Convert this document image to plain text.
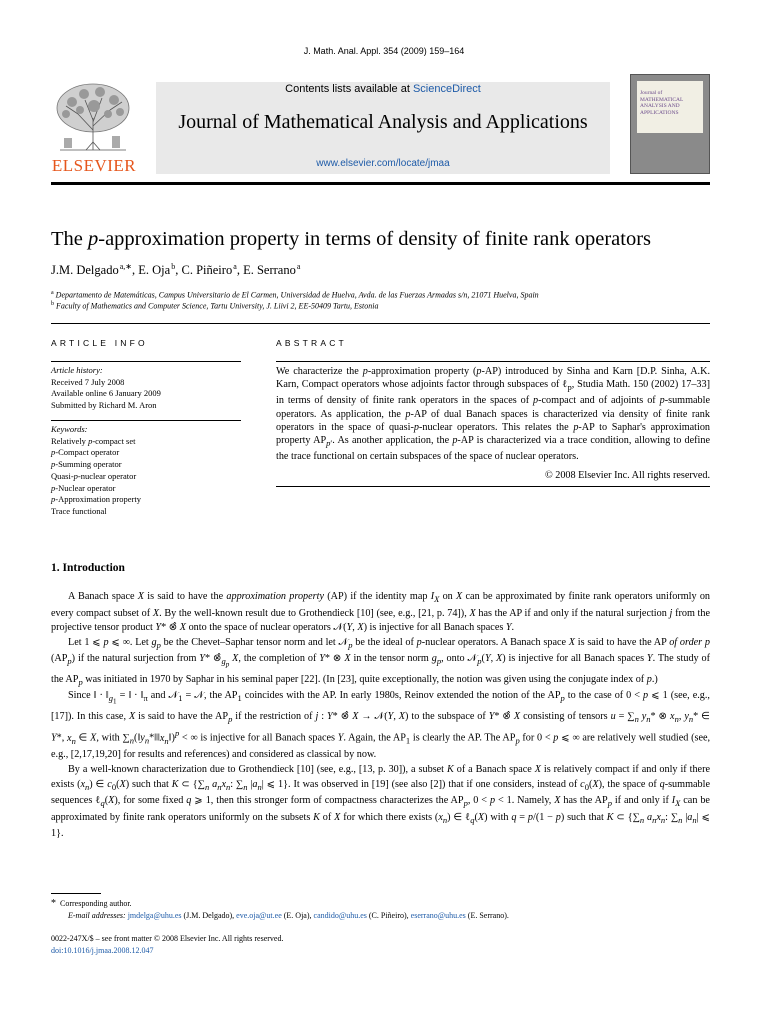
J. Math. Anal. Appl. 354 (2009) 159–164
ELSEVIER
Contents lists available at ScienceDirect
Journal of Mathematical Analysis and Applications
www.elsevier.com/locate/jmaa
Journal of MATHEMATICAL ANALYSIS AND APPLICATIONS
The p-approximation property in terms of density of finite rank operators
J.M. Delgado $^{a,∗}$, E. Oja $^b$, C. Piñeiro $^a$, E. Serrano $^a$
$^a$ Departamento de Matemáticas, Campus Universitario de El Carmen, Universidad de Huelva, Avda. de las Fuerzas Armadas s/n, 21071 Huelva, Spain
$^b$ Faculty of Mathematics and Computer Science, Tartu University, J. Liivi 2, EE-50409 Tartu, Estonia
ARTICLE INFO
Article history:
Received 7 July 2008
Available online 6 January 2009
Submitted by Richard M. Aron
Keywords:
Relatively p-compact set
p-Compact operator
p-Summing operator
Quasi-p-nuclear operator
p-Nuclear operator
p-Approximation property
Trace functional
ABSTRACT
We characterize the p-approximation property (p-AP) introduced by Sinha and Karn [D.P. Sinha, A.K. Karn, Compact operators whose adjoints factor through subspaces of ℓ$_p$, Studia Math. 150 (2002) 17–33] in terms of density of finite rank operators in the spaces of p-compact and of adjoints of p-summable operators. As application, the p-AP of dual Banach spaces is characterized via density of finite rank operators in the space of quasi-p-nuclear operators. This relates the p-AP to Saphar's approximation property $AP_{p'}$. As another application, the p-AP is characterized via a trace condition, allowing to define the trace functional on certain subspaces of the space of nuclear operators.
© 2008 Elsevier Inc. All rights reserved.
1. Introduction

A Banach space X is said to have the approximation property (AP) if the identity map $I_X$ on X can be approximated by finite rank operators uniformly on every compact subset of X. By the well-known result due to Grothendieck [10] (see, e.g., [21, p. 74]), X has the AP if and only if the natural surjection j from the projective tensor product Y* ⊗̂ X onto the space of nuclear operators 𝒩(Y, X) is injective for all Banach spaces Y.

Let 1 ⩽ p ⩽ ∞. Let $g_p$ be the Chevet–Saphar tensor norm and let 𝒩$_p$ be the ideal of p-nuclear operators. A Banach space X is said to have the AP of order p $(AP_p)$ if the natural surjection from Y* $\otimeŝ_{g_p}$ X, the completion of Y* ⊗ X in the tensor norm $g_p$, onto 𝒩$_p$(Y, X) is injective for all Banach spaces Y. The study of the $AP_p$ was initiated in 1970 by Saphar in his seminal paper [22]. (In [23], quite exceptionally, the notion was given using the conjugate index of p.)

Since ‖ · $‖_{g_1}$ = ‖ · $‖_\pi$ and 𝒩$_1$ = 𝒩, the $AP_1$ coincides with the AP. In early 1980s, Reinov extended the notion of the $AP_p$ to the case of 0 < p ⩽ 1 (see, e.g., [17]). In this case, X is said to have the $AP_p$ if the restriction of j : Y* ⊗̂ X → 𝒩(Y, X) to the subspace of Y* ⊗̂ X consisting of tensors $u = \sum_n$ $y_n*$ ⊗ $x_n$, $y_n*$ ∈ Y*, $x_n$ ∈ X, with $\sum_n(‖y_n*‖‖x_n‖)^p$ < ∞ is injective for all Banach spaces Y. Again, the $AP_1$ is clearly the AP. The $AP_p$ for 0 < p ⩽ ∞ are relatively well studied (see, e.g., [2,17,19,20] for results and references) and considered as classical by now.

By a well-known characterization due to Grothendieck [10] (see, e.g., [13, p. 30]), a subset K of a Banach space X is relatively compact if and only if there exists $(x_n)$ ∈ $c_0(X)$ such that K ⊂ {$\sum_n$ $a_nx_n$: $\sum_n$ $|a_n|$ ⩽ 1}. It was observed in [19] (see also [2]) that if one considers, instead of $c_0(X)$, the space of q-summable sequences ℓ$_q$(X), for some fixed q ⩾ 1, then this stronger form of compactness characterizes the $AP_p$, 0 < p < 1. Namely, X has the $AP_p$ if and only if $I_X$ can be approximated by finite rank operators uniformly on the subsets K of X for which there exists $(x_n)$ ∈ ℓ$_q$(X) with q = p/(1 − p) such that K ⊂ {$\sum_n$ $a_nx_n$: $\sum_n$ $|a_n|$ ⩽ 1}.

* Corresponding author.
E-mail addresses: jmdelga@uhu.es (J.M. Delgado), eve.oja@ut.ee (E. Oja), candido@uhu.es (C. Piñeiro), eserrano@uhu.es (E. Serrano).
0022-247X/$ – see front matter © 2008 Elsevier Inc. All rights reserved.
doi:10.1016/j.jmaa.2008.12.047
